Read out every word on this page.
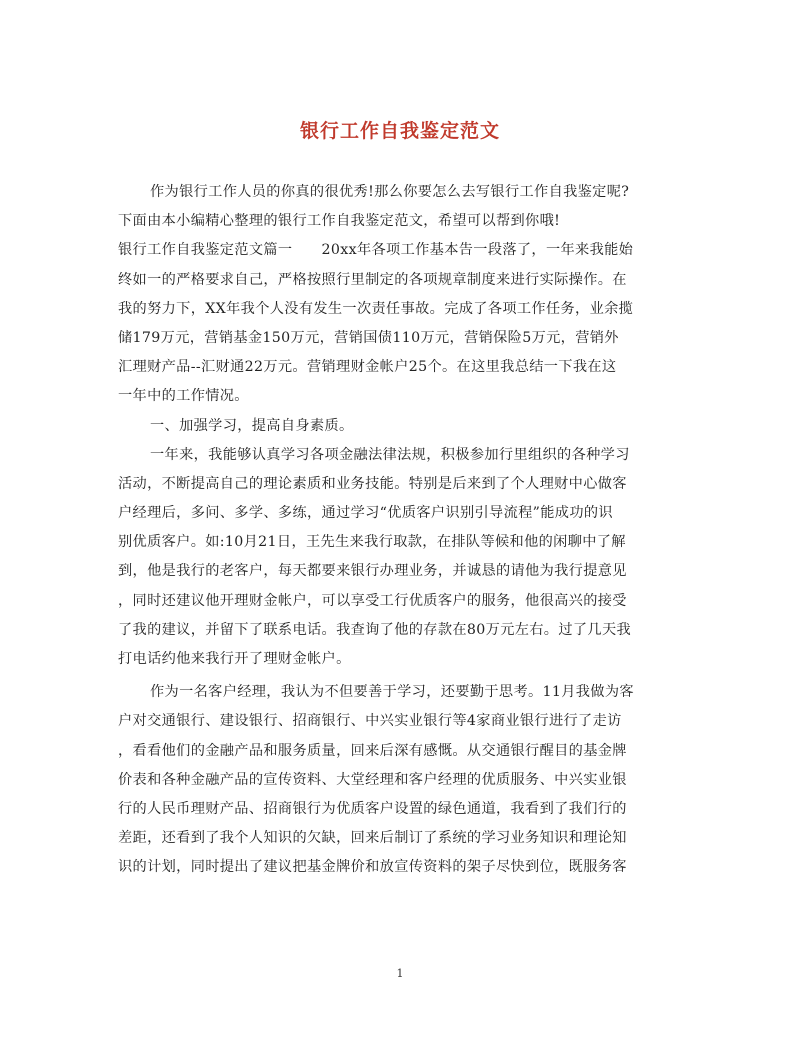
银行工作自我鉴定范文
作为银行工作人员的你真的很优秀!那么你要怎么去写银行工作自我鉴定呢?
下面由本小编精心整理的银行工作自我鉴定范文，希望可以帮到你哦!
银行工作自我鉴定范文篇一　　20xx年各项工作基本告一段落了，一年来我能始
终如一的严格要求自己，严格按照行里制定的各项规章制度来进行实际操作。在
我的努力下，XX年我个人没有发生一次责任事故。完成了各项工作任务，业余揽
储179万元，营销基金150万元，营销国债110万元，营销保险5万元，营销外
汇理财产品--汇财通22万元。营销理财金帐户25个。在这里我总结一下我在这
一年中的工作情况。
一、加强学习，提高自身素质。
一年来，我能够认真学习各项金融法律法规，积极参加行里组织的各种学习
活动，不断提高自己的理论素质和业务技能。特别是后来到了个人理财中心做客
户经理后，多问、多学、多练，通过学习“优质客户识别引导流程”能成功的识
别优质客户。如:10月21日，王先生来我行取款，在排队等候和他的闲聊中了解
到，他是我行的老客户，每天都要来银行办理业务，并诚恳的请他为我行提意见
，同时还建议他开理财金帐户，可以享受工行优质客户的服务，他很高兴的接受
了我的建议，并留下了联系电话。我查询了他的存款在80万元左右。过了几天我
打电话约他来我行开了理财金帐户。
作为一名客户经理，我认为不但要善于学习，还要勤于思考。11月我做为客
户对交通银行、建设银行、招商银行、中兴实业银行等4家商业银行进行了走访
，看看他们的金融产品和服务质量，回来后深有感慨。从交通银行醒目的基金牌
价表和各种金融产品的宣传资料、大堂经理和客户经理的优质服务、中兴实业银
行的人民币理财产品、招商银行为优质客户设置的绿色通道，我看到了我们行的
差距，还看到了我个人知识的欠缺，回来后制订了系统的学习业务知识和理论知
识的计划，同时提出了建议把基金牌价和放宣传资料的架子尽快到位，既服务客
1
